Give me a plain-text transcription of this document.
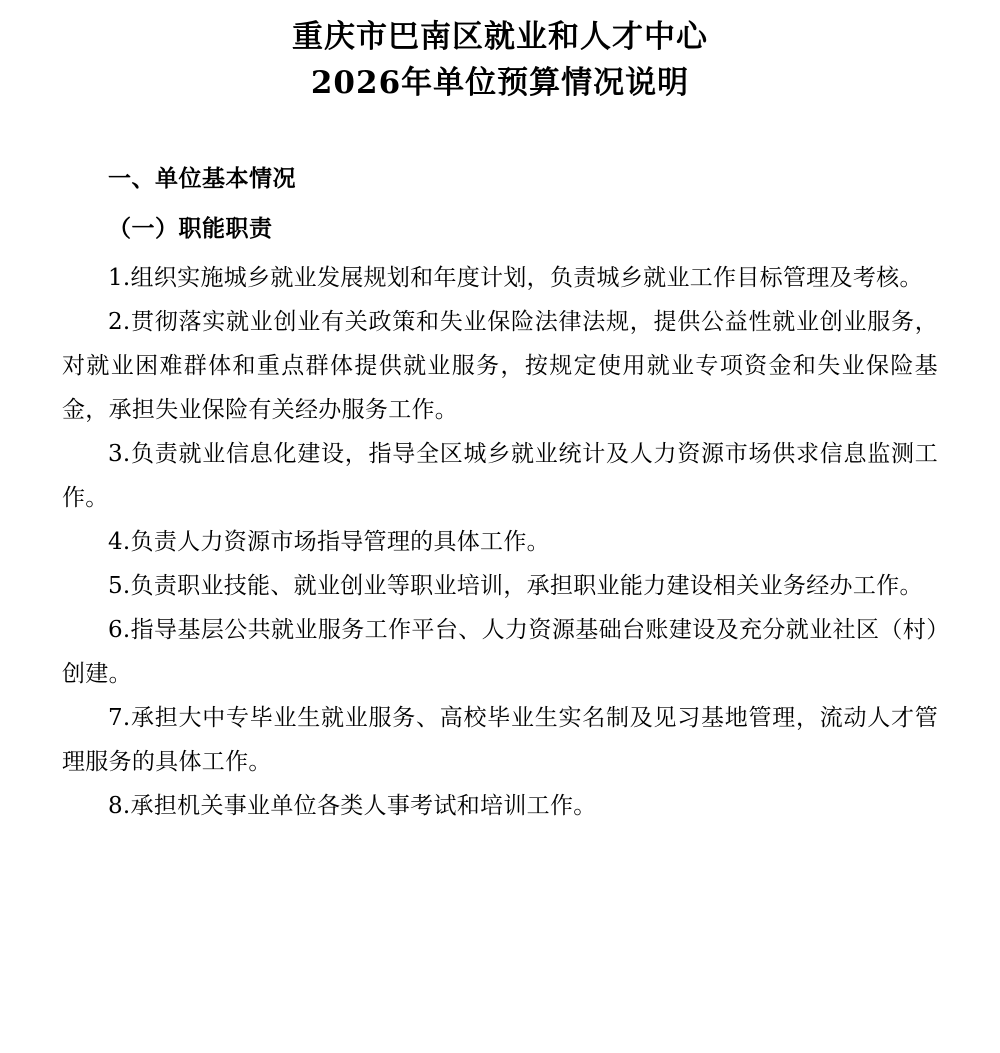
重庆市巴南区就业和人才中心
2026年单位预算情况说明
一、单位基本情况
（一）职能职责

1.组织实施城乡就业发展规划和年度计划，负责城乡就业工作目标管理及考核。

2.贯彻落实就业创业有关政策和失业保险法律法规，提供公益性就业创业服务，对就业困难群体和重点群体提供就业服务，按规定使用就业专项资金和失业保险基金，承担失业保险有关经办服务工作。

3.负责就业信息化建设，指导全区城乡就业统计及人力资源市场供求信息监测工作。

4.负责人力资源市场指导管理的具体工作。

5.负责职业技能、就业创业等职业培训，承担职业能力建设相关业务经办工作。

6.指导基层公共就业服务工作平台、人力资源基础台账建设及充分就业社区（村）创建。

7.承担大中专毕业生就业服务、高校毕业生实名制及见习基地管理，流动人才管理服务的具体工作。

8.承担机关事业单位各类人事考试和培训工作。
